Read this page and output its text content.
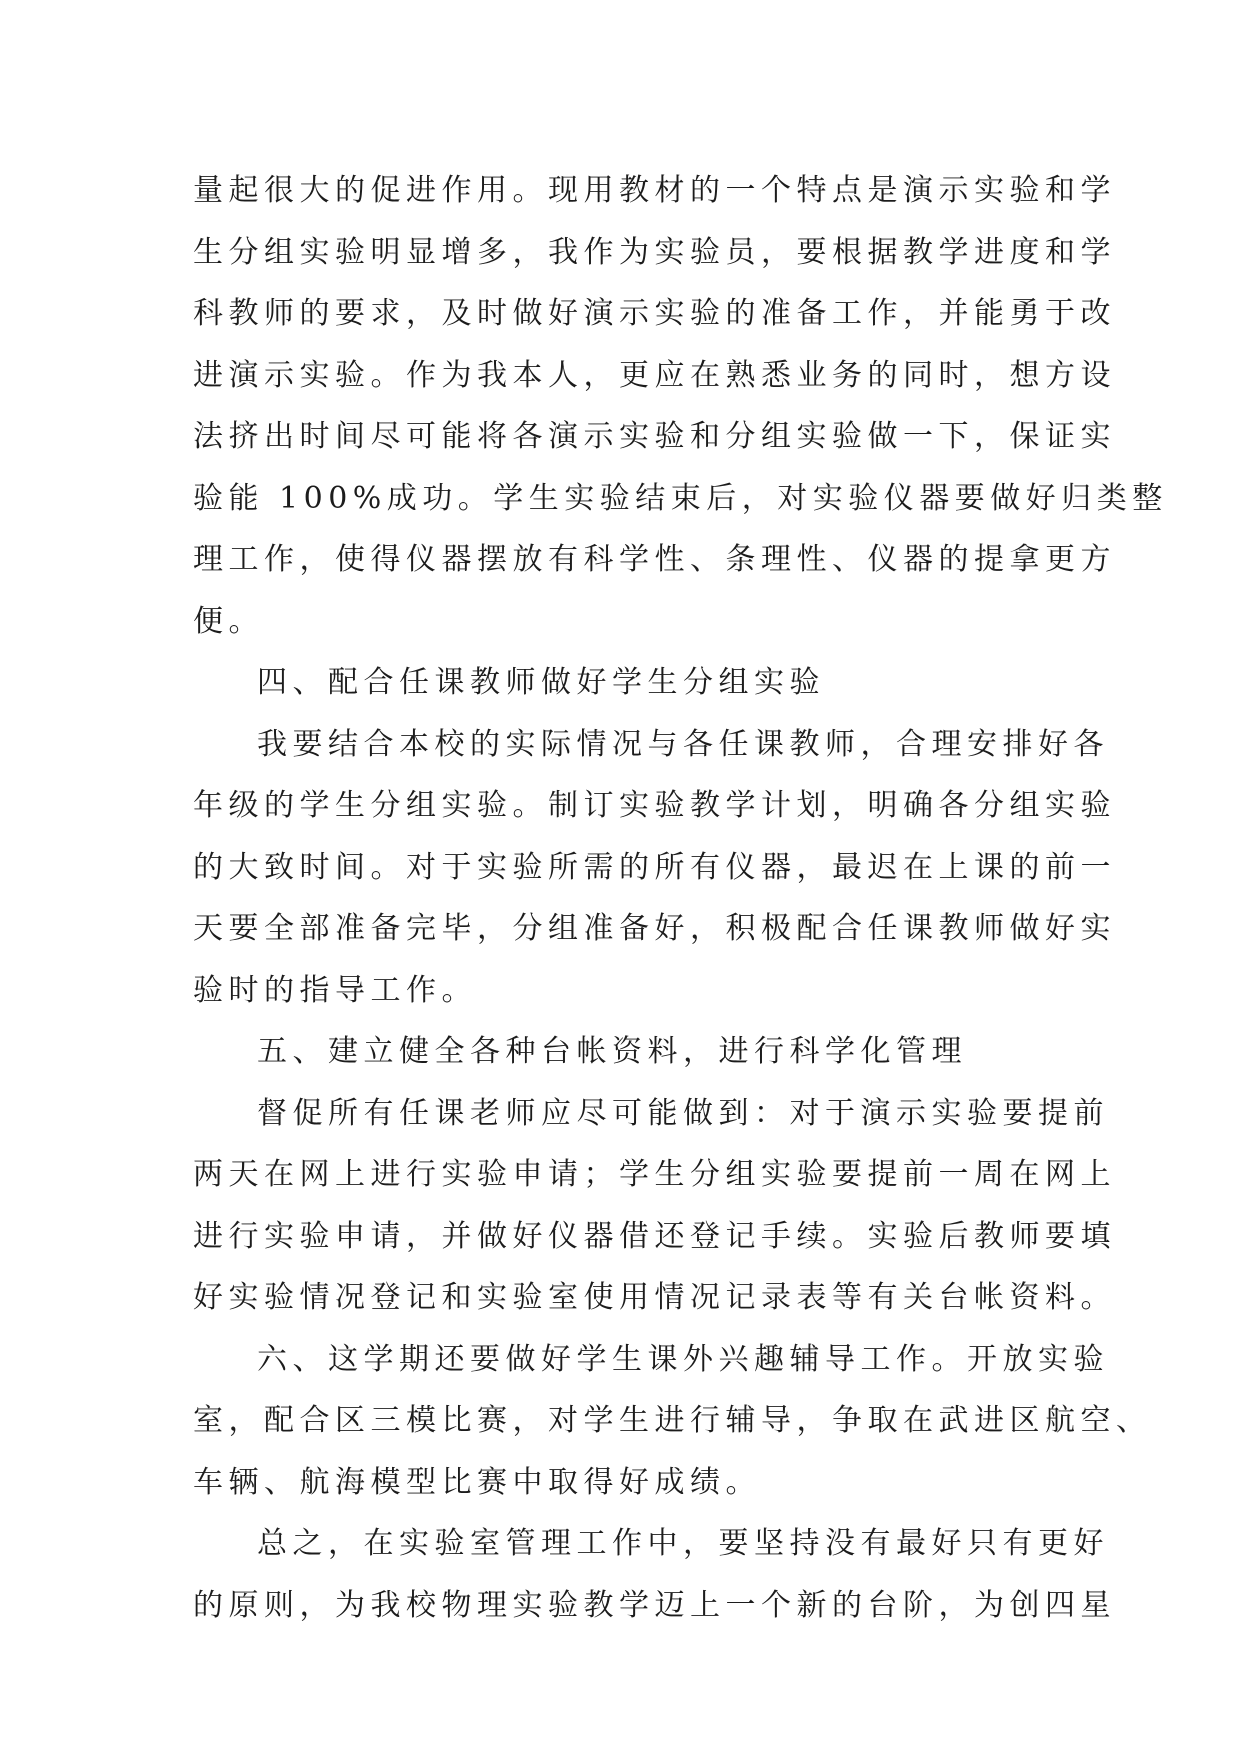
量起很大的促进作用。现用教材的一个特点是演示实验和学
生分组实验明显增多，我作为实验员，要根据教学进度和学
科教师的要求，及时做好演示实验的准备工作，并能勇于改
进演示实验。作为我本人，更应在熟悉业务的同时，想方设
法挤出时间尽可能将各演示实验和分组实验做一下，保证实
验能 100%成功。学生实验结束后，对实验仪器要做好归类整
理工作，使得仪器摆放有科学性、条理性、仪器的提拿更方
便。
四、配合任课教师做好学生分组实验
我要结合本校的实际情况与各任课教师，合理安排好各
年级的学生分组实验。制订实验教学计划，明确各分组实验
的大致时间。对于实验所需的所有仪器，最迟在上课的前一
天要全部准备完毕，分组准备好，积极配合任课教师做好实
验时的指导工作。
五、建立健全各种台帐资料，进行科学化管理
督促所有任课老师应尽可能做到：对于演示实验要提前
两天在网上进行实验申请；学生分组实验要提前一周在网上
进行实验申请，并做好仪器借还登记手续。实验后教师要填
好实验情况登记和实验室使用情况记录表等有关台帐资料。
六、这学期还要做好学生课外兴趣辅导工作。开放实验
室，配合区三模比赛，对学生进行辅导，争取在武进区航空、
车辆、航海模型比赛中取得好成绩。
总之，在实验室管理工作中，要坚持没有最好只有更好
的原则，为我校物理实验教学迈上一个新的台阶，为创四星
